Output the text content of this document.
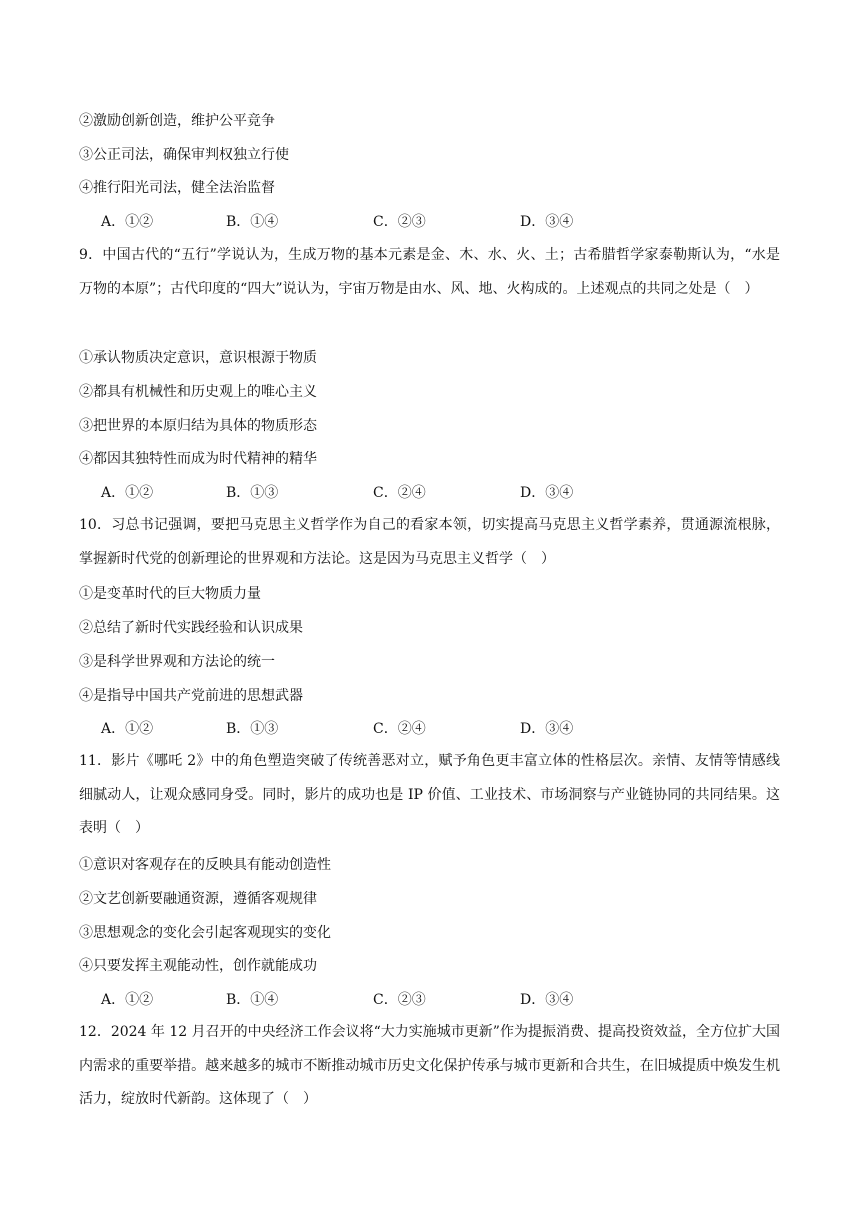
②激励创新创造，维护公平竞争
③公正司法，确保审判权独立行使
④推行阳光司法，健全法治监督
A．①②	B．①④	C．②③	D．③④
9．中国古代的“五行”学说认为，生成万物的基本元素是金、木、水、火、土；古希腊哲学家泰勒斯认为，“水是万物的本原”；古代印度的“四大”说认为，宇宙万物是由水、风、地、火构成的。上述观点的共同之处是（　）
①承认物质决定意识，意识根源于物质
②都具有机械性和历史观上的唯心主义
③把世界的本原归结为具体的物质形态
④都因其独特性而成为时代精神的精华
A．①②	B．①③	C．②④	D．③④
10．习总书记强调，要把马克思主义哲学作为自己的看家本领，切实提高马克思主义哲学素养，贯通源流根脉，掌握新时代党的创新理论的世界观和方法论。这是因为马克思主义哲学（　）
①是变革时代的巨大物质力量
②总结了新时代实践经验和认识成果
③是科学世界观和方法论的统一
④是指导中国共产党前进的思想武器
A．①②	B．①③	C．②④	D．③④
11．影片《哪吒 2》中的角色塑造突破了传统善恶对立，赋予角色更丰富立体的性格层次。亲情、友情等情感线细腻动人，让观众感同身受。同时，影片的成功也是 IP 价值、工业技术、市场洞察与产业链协同的共同结果。这表明（　）
①意识对客观存在的反映具有能动创造性
②文艺创新要融通资源，遵循客观规律
③思想观念的变化会引起客观现实的变化
④只要发挥主观能动性，创作就能成功
A．①②	B．①④	C．②③	D．③④
12．2024 年 12 月召开的中央经济工作会议将“大力实施城市更新”作为提振消费、提高投资效益，全方位扩大国内需求的重要举措。越来越多的城市不断推动城市历史文化保护传承与城市更新和合共生，在旧城提质中焕发生机活力，绽放时代新韵。这体现了（　）
